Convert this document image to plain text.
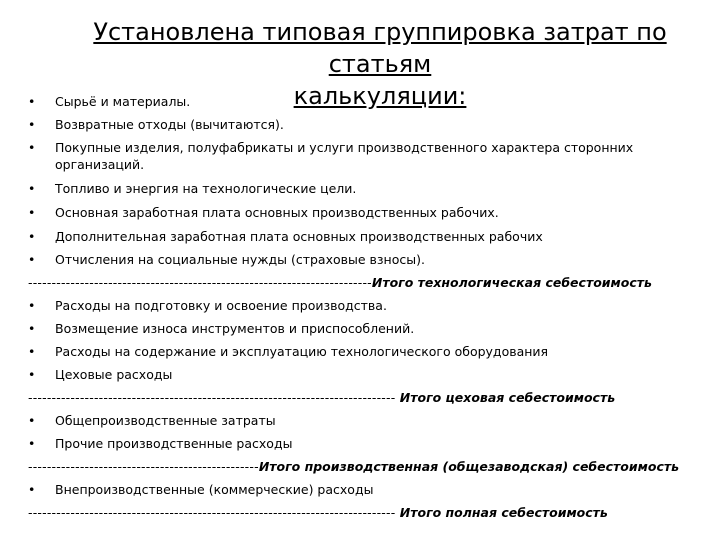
Установлена типовая группировка затрат по статьям
калькуляции:
• Сырьё и материалы.
• Возвратные отходы (вычитаются).
• Покупные изделия, полуфабрикаты и услуги производственного характера сторонних
организаций.
• Топливо и энергия на технологические цели.
• Основная заработная плата основных производственных рабочих.
• Дополнительная заработная плата основных производственных рабочих
• Отчисления на социальные нужды (страховые взносы).
-------------------------------------------------------------------------Итого технологическая себестоимость
• Расходы на подготовку и освоение производства.
• Возмещение износа инструментов и приспособлений.
• Расходы на содержание и эксплуатацию технологического оборудования
• Цеховые расходы
------------------------------------------------------------------------------ Итого цеховая себестоимость
• Общепроизводственные затраты
• Прочие производственные расходы
-------------------------------------------------Итого производственная (общезаводская) себестоимость
• Внепроизводственные (коммерческие) расходы
------------------------------------------------------------------------------ Итого полная себестоимость
